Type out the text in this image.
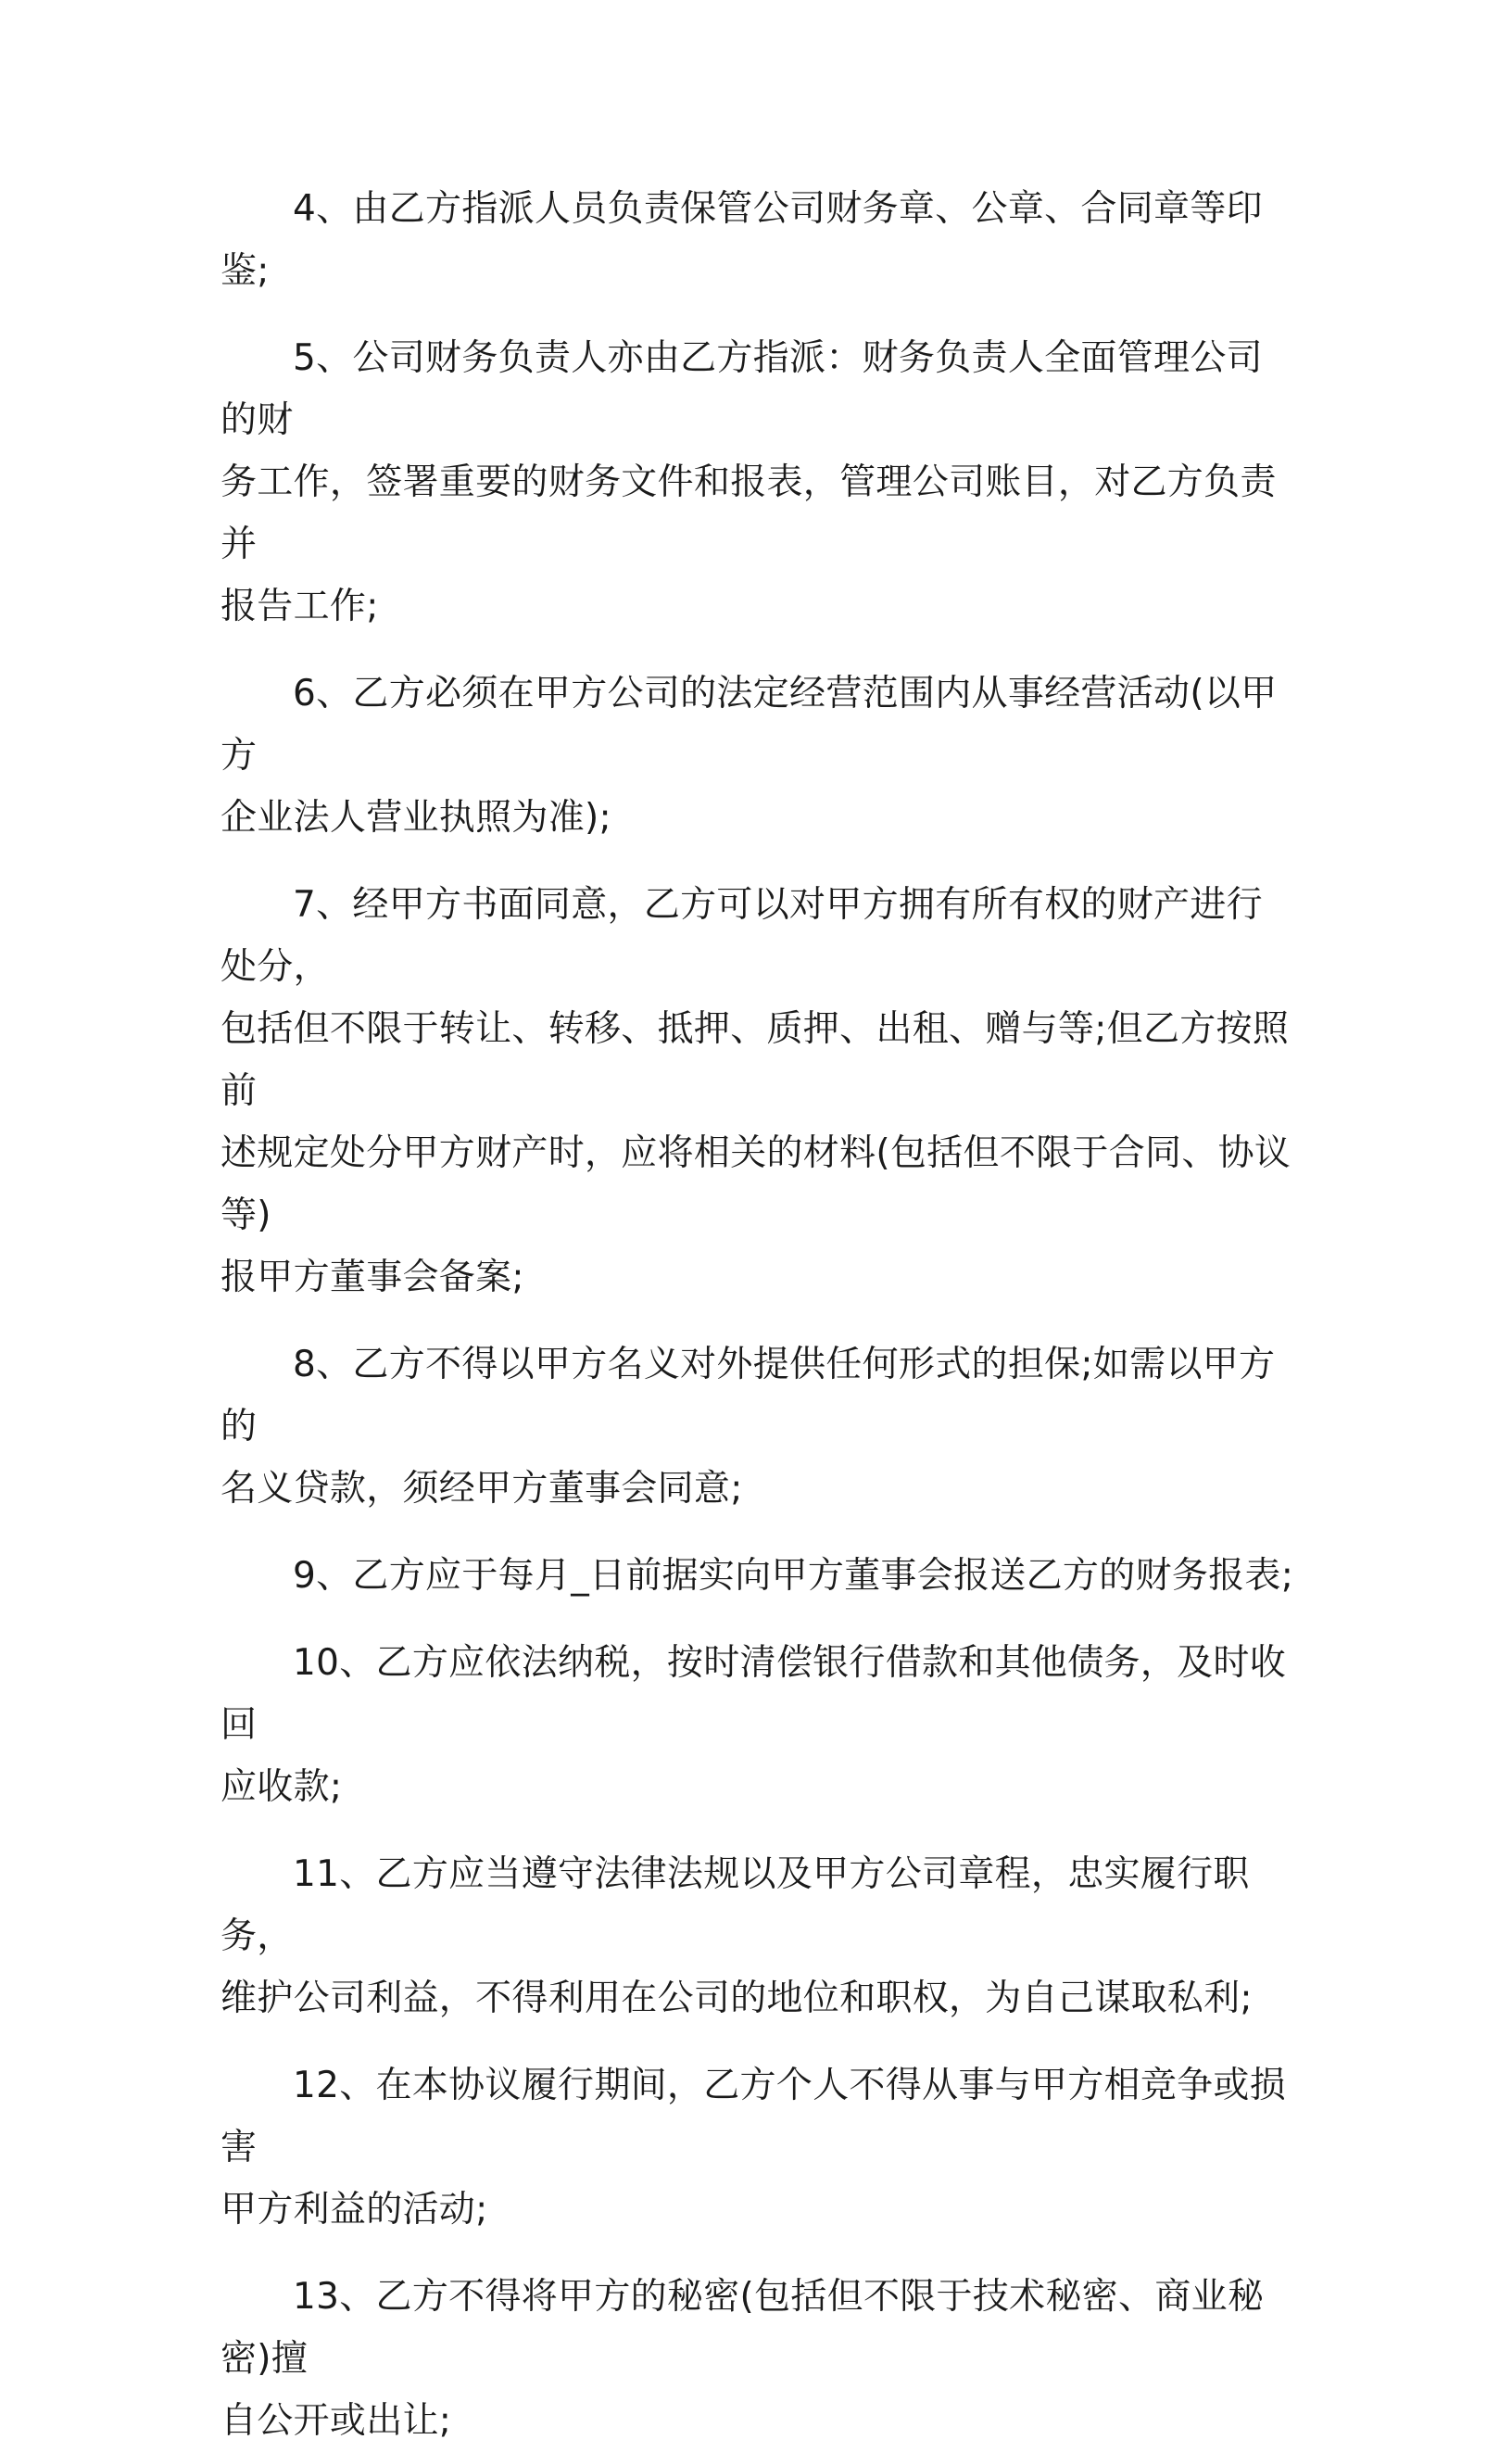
4、由乙方指派人员负责保管公司财务章、公章、合同章等印鉴;

5、公司财务负责人亦由乙方指派：财务负责人全面管理公司的财
务工作，签署重要的财务文件和报表，管理公司账目，对乙方负责并
报告工作;

6、乙方必须在甲方公司的法定经营范围内从事经营活动(以甲方
企业法人营业执照为准);

7、经甲方书面同意，乙方可以对甲方拥有所有权的财产进行处分，
包括但不限于转让、转移、抵押、质押、出租、赠与等;但乙方按照前
述规定处分甲方财产时，应将相关的材料(包括但不限于合同、协议等)
报甲方董事会备案;

8、乙方不得以甲方名义对外提供任何形式的担保;如需以甲方的
名义贷款，须经甲方董事会同意;

9、乙方应于每月_日前据实向甲方董事会报送乙方的财务报表;

10、乙方应依法纳税，按时清偿银行借款和其他债务，及时收回
应收款;

11、乙方应当遵守法律法规以及甲方公司章程，忠实履行职务，
维护公司利益，不得利用在公司的地位和职权，为自己谋取私利;

12、在本协议履行期间，乙方个人不得从事与甲方相竞争或损害
甲方利益的活动;

13、乙方不得将甲方的秘密(包括但不限于技术秘密、商业秘密)擅
自公开或出让;
